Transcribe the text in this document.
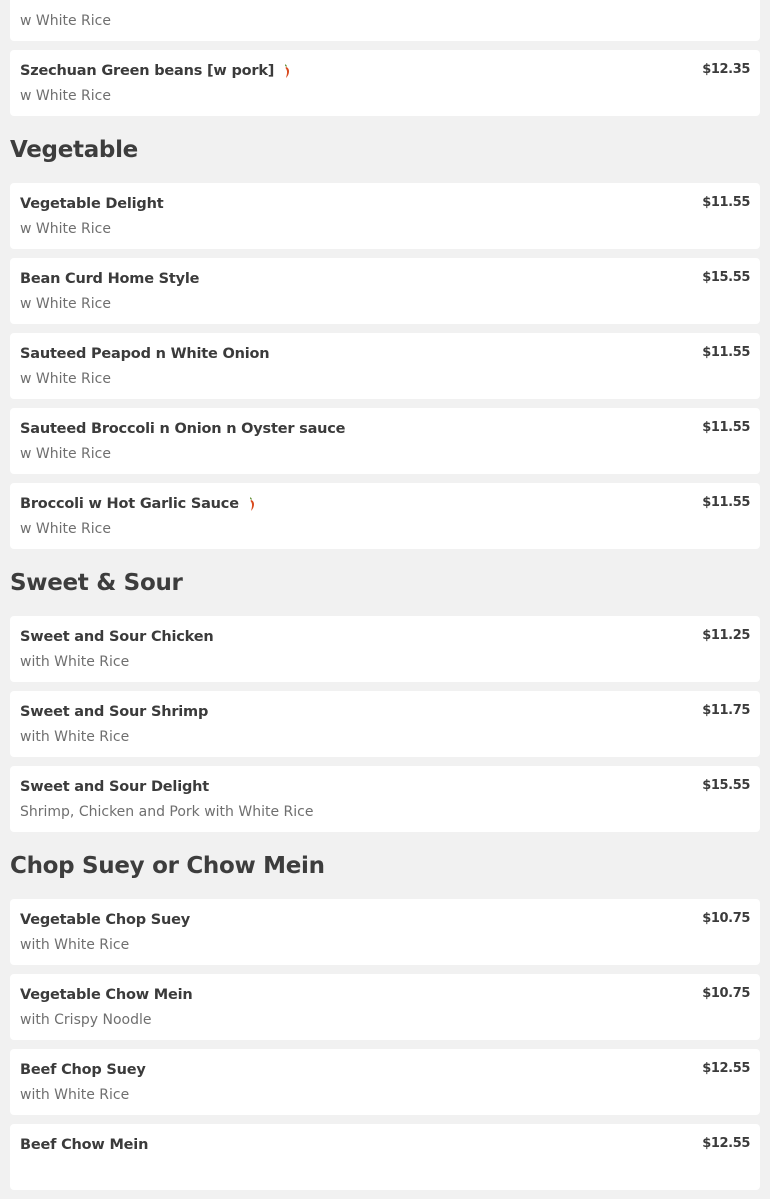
w White Rice
Szechuan Green beans [w pork]
w White Rice
$12.35
Vegetable
Vegetable Delight
w White Rice
$11.55
Bean Curd Home Style
w White Rice
$15.55
Sauteed Peapod n White Onion
w White Rice
$11.55
Sauteed Broccoli n Onion n Oyster sauce
w White Rice
$11.55
Broccoli w Hot Garlic Sauce
w White Rice
$11.55
Sweet & Sour
Sweet and Sour Chicken
with White Rice
$11.25
Sweet and Sour Shrimp
with White Rice
$11.75
Sweet and Sour Delight
Shrimp, Chicken and Pork with White Rice
$15.55
Chop Suey or Chow Mein
Vegetable Chop Suey
with White Rice
$10.75
Vegetable Chow Mein
with Crispy Noodle
$10.75
Beef Chop Suey
with White Rice
$12.55
Beef Chow Mein	$12.55
